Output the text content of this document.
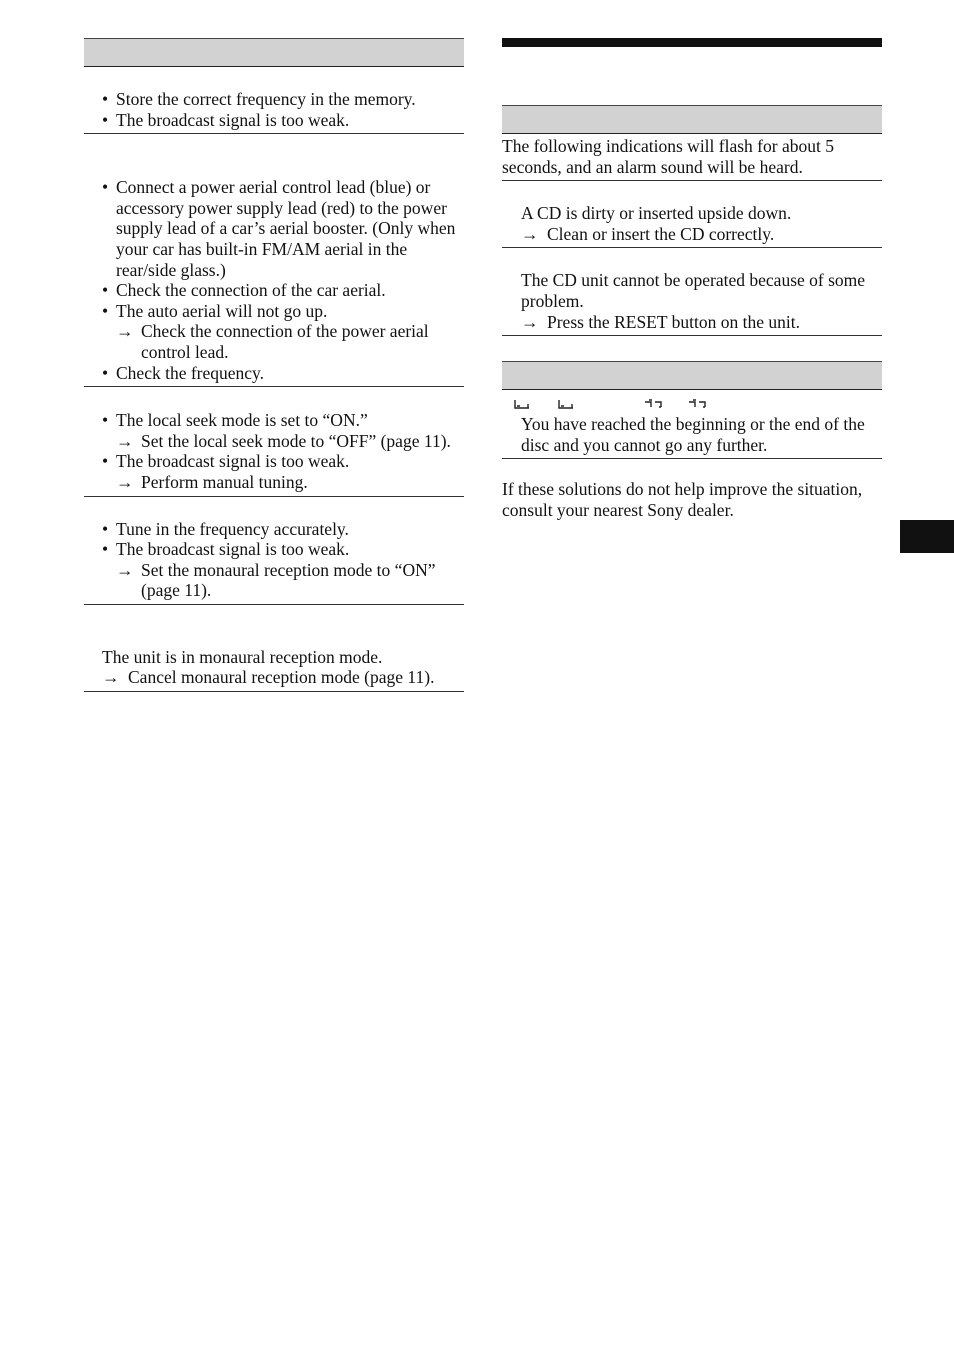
• Store the correct frequency in the memory.
• The broadcast signal is too weak.
• Connect a power aerial control lead (blue) or accessory power supply lead (red) to the power supply lead of a car’s aerial booster. (Only when your car has built-in FM/AM aerial in the rear/side glass.)
• Check the connection of the car aerial.
• The auto aerial will not go up.
→ Check the connection of the power aerial control lead.
• Check the frequency.
• The local seek mode is set to “ON.”
→ Set the local seek mode to “OFF” (page 11).
• The broadcast signal is too weak.
→ Perform manual tuning.
• Tune in the frequency accurately.
• The broadcast signal is too weak.
→ Set the monaural reception mode to “ON” (page 11).

The unit is in monaural reception mode.

→ Cancel monaural reception mode (page 11).

The following indications will flash for about 5 seconds, and an alarm sound will be heard.

A CD is dirty or inserted upside down.

→ Clean or insert the CD correctly.

The CD unit cannot be operated because of some problem.

→ Press the RESET button on the unit.

You have reached the beginning or the end of the disc and you cannot go any further.

If these solutions do not help improve the situation, consult your nearest Sony dealer.
